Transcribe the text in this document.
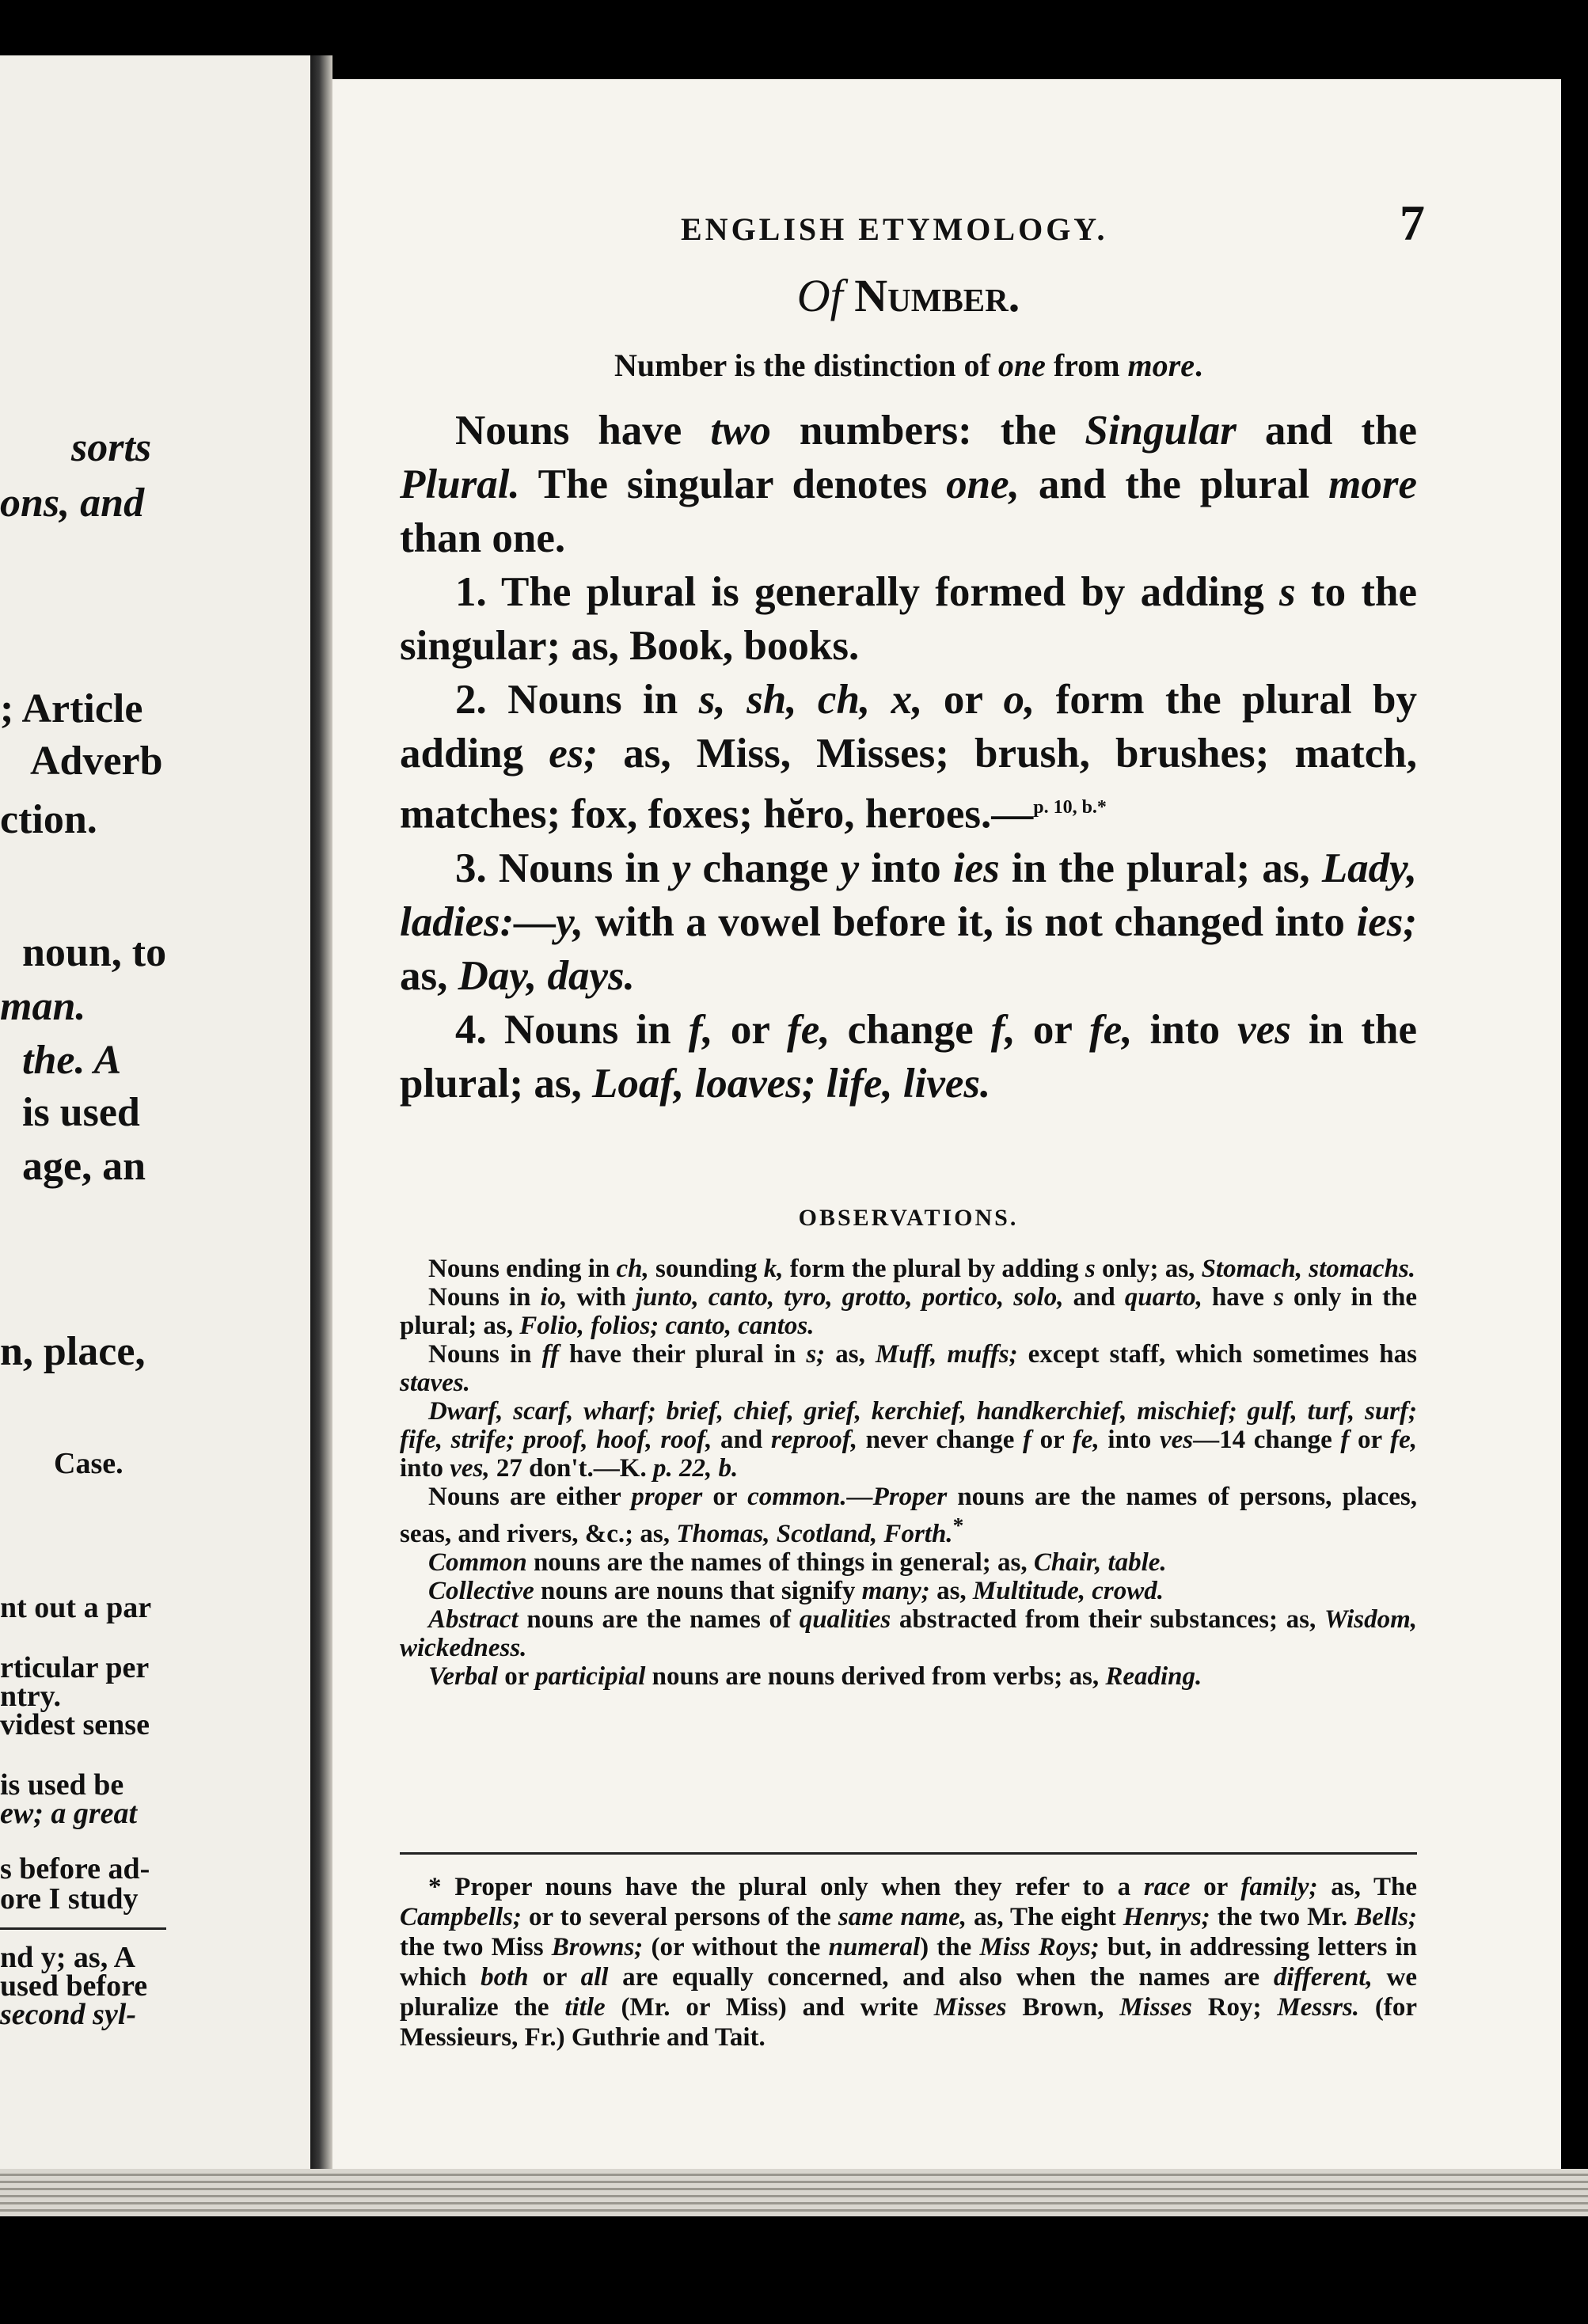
sorts
ons, and
; Article
Adverb
ction.
noun, to
man.
the. A
is used
age, an
n, place,
Case.
nt out a par
rticular per
ntry.
videst sense
is used be
ew; a great
s before ad-
ore I study
nd y; as, A
used before
second syl-
ENGLISH ETYMOLOGY.	7
Of Number.
Number is the distinction of one from more.

Nouns have two numbers: the Singular and the Plural. The singular denotes one, and the plural more than one.

1. The plural is generally formed by adding s to the singular; as, Book, books.

2. Nouns in s, sh, ch, x, or o, form the plural by adding es; as, Miss, Misses; brush, brushes; match, matches; fox, foxes; hĕro, heroes.—$^{p. 10, b.*}$

3. Nouns in y change y into ies in the plural; as, Lady, ladies:—y, with a vowel before it, is not changed into ies; as, Day, days.

4. Nouns in f, or fe, change f, or fe, into ves in the plural; as, Loaf, loaves; life, lives.

OBSERVATIONS.

Nouns ending in ch, sounding k, form the plural by adding s only; as, Stomach, stomachs.

Nouns in io, with junto, canto, tyro, grotto, portico, solo, and quarto, have s only in the plural; as, Folio, folios; canto, cantos.

Nouns in ff have their plural in s; as, Muff, muffs; except staff, which sometimes has staves.

Dwarf, scarf, wharf; brief, chief, grief, kerchief, handkerchief, mischief; gulf, turf, surf; fife, strife; proof, hoof, roof, and reproof, never change f or fe, into ves—14 change f or fe, into ves, 27 don't.—K. p. 22, b.

Nouns are either proper or common.—Proper nouns are the names of persons, places, seas, and rivers, &c.; as, Thomas, Scotland, Forth.*

Common nouns are the names of things in general; as, Chair, table.

Collective nouns are nouns that signify many; as, Multitude, crowd.

Abstract nouns are the names of qualities abstracted from their substances; as, Wisdom, wickedness.

Verbal or participial nouns are nouns derived from verbs; as, Reading.

* Proper nouns have the plural only when they refer to a race or family; as, The Campbells; or to several persons of the same name, as, The eight Henrys; the two Mr. Bells; the two Miss Browns; (or without the numeral) the Miss Roys; but, in addressing letters in which both or all are equally concerned, and also when the names are different, we pluralize the title (Mr. or Miss) and write Misses Brown, Misses Roy; Messrs. (for Messieurs, Fr.) Guthrie and Tait.
